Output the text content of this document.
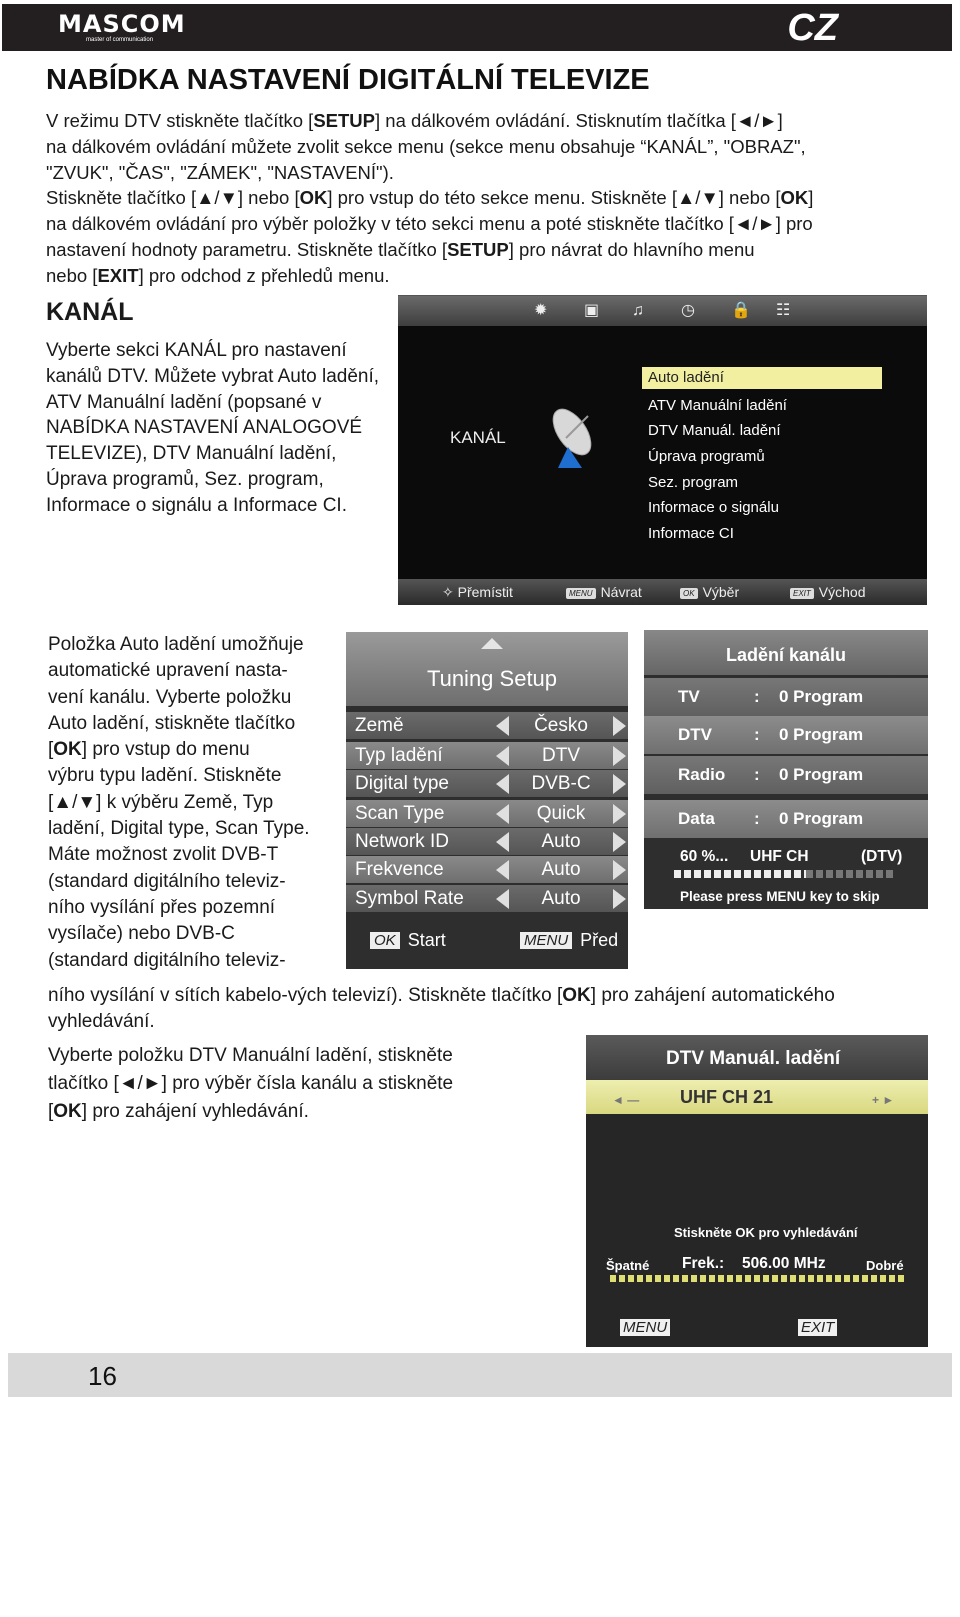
MASCOM
master of communication	CZ
NABÍDKA NASTAVENÍ DIGITÁLNÍ TELEVIZE
V režimu DTV stiskněte tlačítko [SETUP] na dálkovém ovládání. Stisknutím tlačítka [◄/►]
na dálkovém ovládání můžete zvolit sekce menu (sekce menu obsahuje “KANÁL”, "OBRAZ",
"ZVUK", "ČAS", "ZÁMEK", "NASTAVENÍ").
Stiskněte tlačítko [▲/▼] nebo [OK] pro vstup do této sekce menu. Stiskněte [▲/▼] nebo [OK]
na dálkovém ovládání pro výběr položky v této sekci menu a poté stiskněte tlačítko [◄/►] pro
nastavení hodnoty parametru. Stiskněte tlačítko [SETUP] pro návrat do hlavního menu
nebo [EXIT] pro odchod z přehledů menu.
KANÁL

Vyberte sekci KANÁL pro nastavení kanálů DTV. Můžete vybrat Auto ladění, ATV Manuální ladění (popsané v NABÍDKA NASTAVENÍ ANALOGOVÉ TELEVIZE), DTV Manuální ladění, Úprava programů, Sez. program, Informace o signálu a Informace CI.

✹ ▣ ♫ ◷ 🔒 ☷
KANÁL
Auto ladění
ATV Manuální ladění
DTV Manuál. ladění
Úprava programů
Sez. program
Informace o signálu
Informace CI
✧ Přemístit	MENU Návrat	OK Výběr	EXIT Východ
Položka Auto ladění umožňuje
automatické upravení nasta-
vení kanálu. Vyberte položku
Auto ladění, stiskněte tlačítko
[OK] pro vstup do menu
výbru typu ladění. Stiskněte
[▲/▼] k výběru Země, Typ
ladění, Digital type, Scan Type.
Máte možnost zvolit DVB-T
(standard digitálního televiz-
ního vysílání přes pozemní
vysílače) nebo DVB-C
(standard digitálního televiz-
ního vysílání v sítích kabelo-vých televizí). Stiskněte tlačítko [OK] pro zahájení automatického
vyhledávání.
Tuning Setup
Země	Česko
Typ ladění	DTV
Digital type	DVB-C
Scan Type	Quick
Network ID	Auto
Frekvence	Auto
Symbol Rate	Auto
OK Start	MENU Před
Ladění kanálu
TV	: 0 Program
DTV : 0 Program
Radio : 0 Program
Data : 0 Program
60 %... UHF CH	(DTV)
Please press MENU key to skip
Vyberte položku DTV Manuální ladění, stiskněte
tlačítko [◄/►] pro výběr čísla kanálu a stiskněte
[OK] pro zahájení vyhledávání.
DTV Manuál. ladění
◄ — UHF CH 21	+ ►
Stiskněte OK pro vyhledávání
Špatné Frek.: 506.00 MHz	Dobré
MENU
Před
EXIT
Východ
16
